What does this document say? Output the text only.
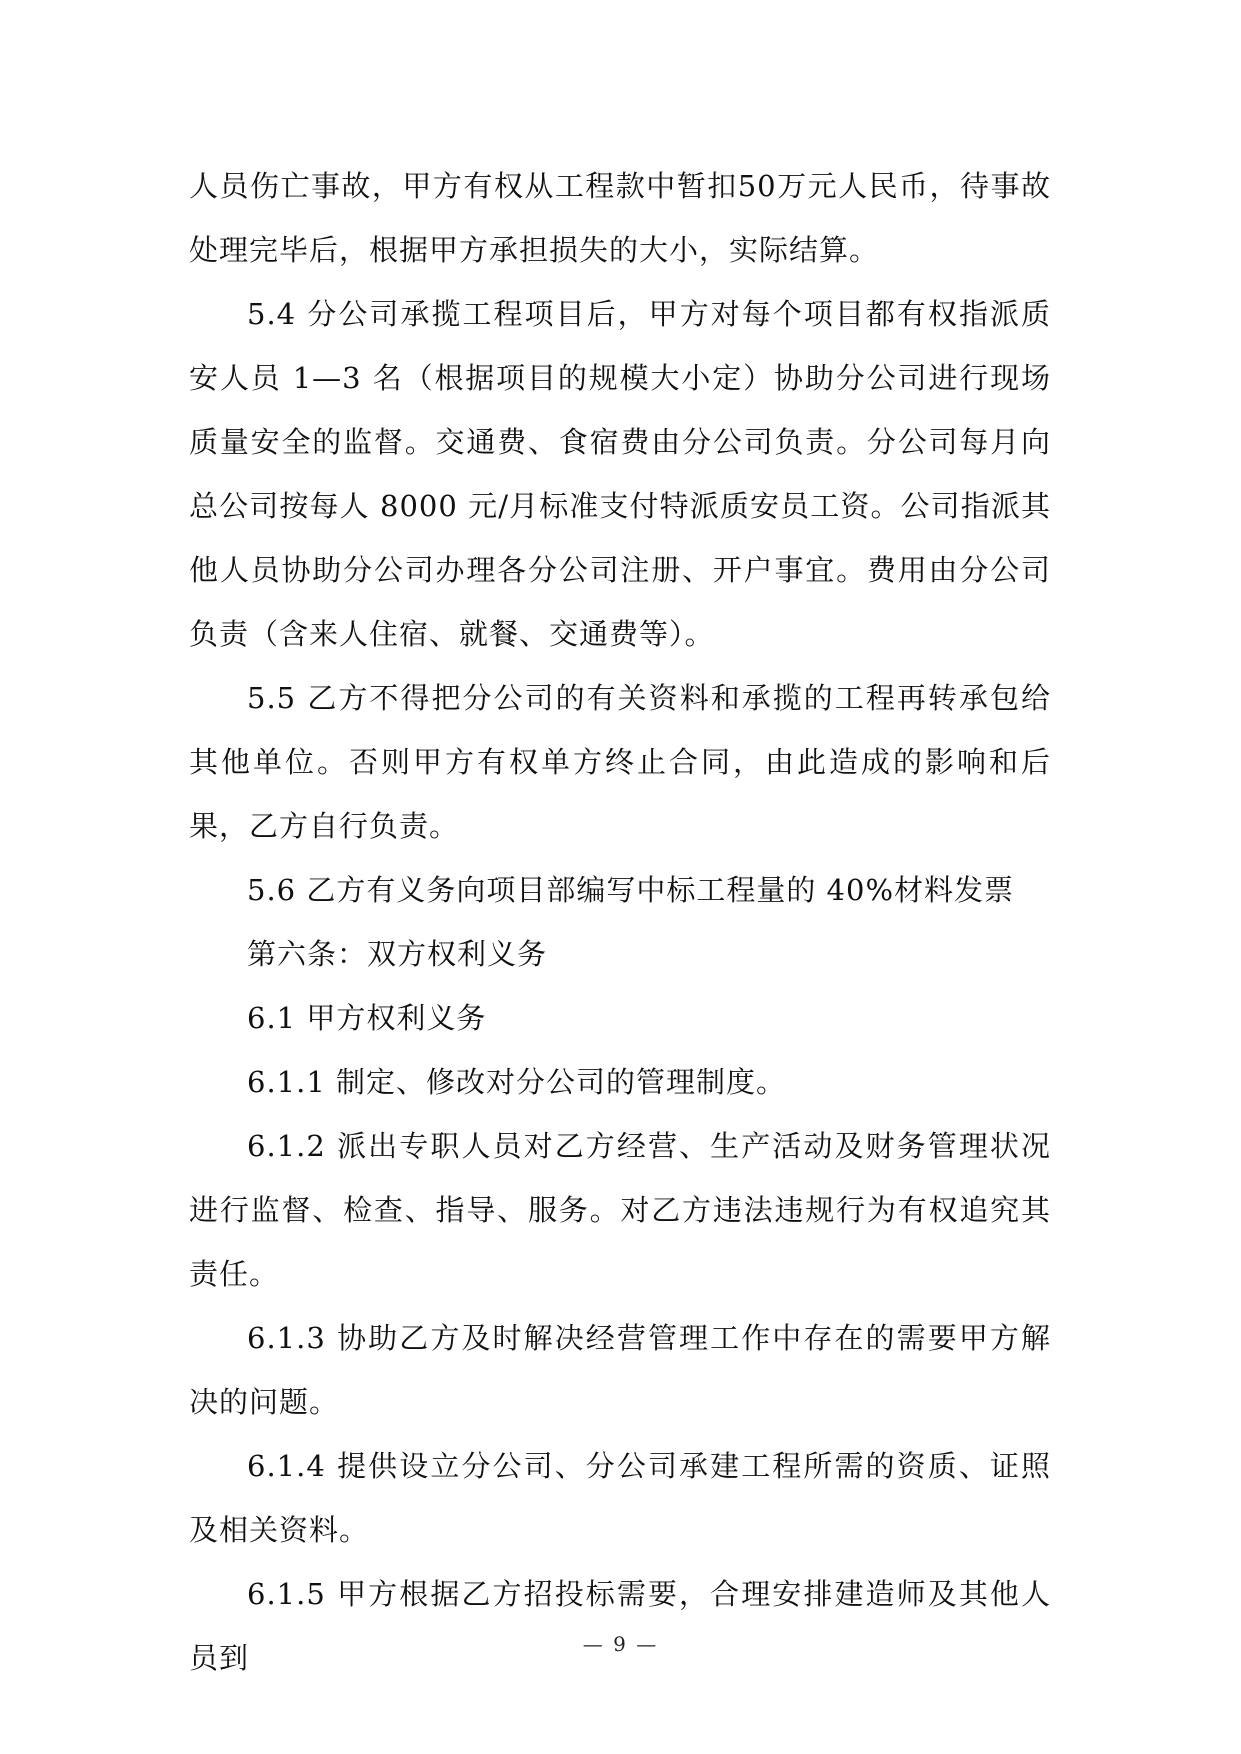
人员伤亡事故，甲方有权从工程款中暂扣50万元人民币，待事故处理完毕后，根据甲方承担损失的大小，实际结算。

5.4 分公司承揽工程项目后，甲方对每个项目都有权指派质安人员 1—3 名（根据项目的规模大小定）协助分公司进行现场质量安全的监督。交通费、食宿费由分公司负责。分公司每月向总公司按每人 8000 元/月标准支付特派质安员工资。公司指派其他人员协助分公司办理各分公司注册、开户事宜。费用由分公司负责（含来人住宿、就餐、交通费等）。

5.5 乙方不得把分公司的有关资料和承揽的工程再转承包给其他单位。否则甲方有权单方终止合同，由此造成的影响和后果，乙方自行负责。

5.6 乙方有义务向项目部编写中标工程量的 40%材料发票

第六条：双方权利义务

6.1 甲方权利义务

6.1.1 制定、修改对分公司的管理制度。

6.1.2 派出专职人员对乙方经营、生产活动及财务管理状况进行监督、检查、指导、服务。对乙方违法违规行为有权追究其责任。

6.1.3 协助乙方及时解决经营管理工作中存在的需要甲方解决的问题。

6.1.4 提供设立分公司、分公司承建工程所需的资质、证照及相关资料。

6.1.5 甲方根据乙方招投标需要，合理安排建造师及其他人员到	— 9 —
